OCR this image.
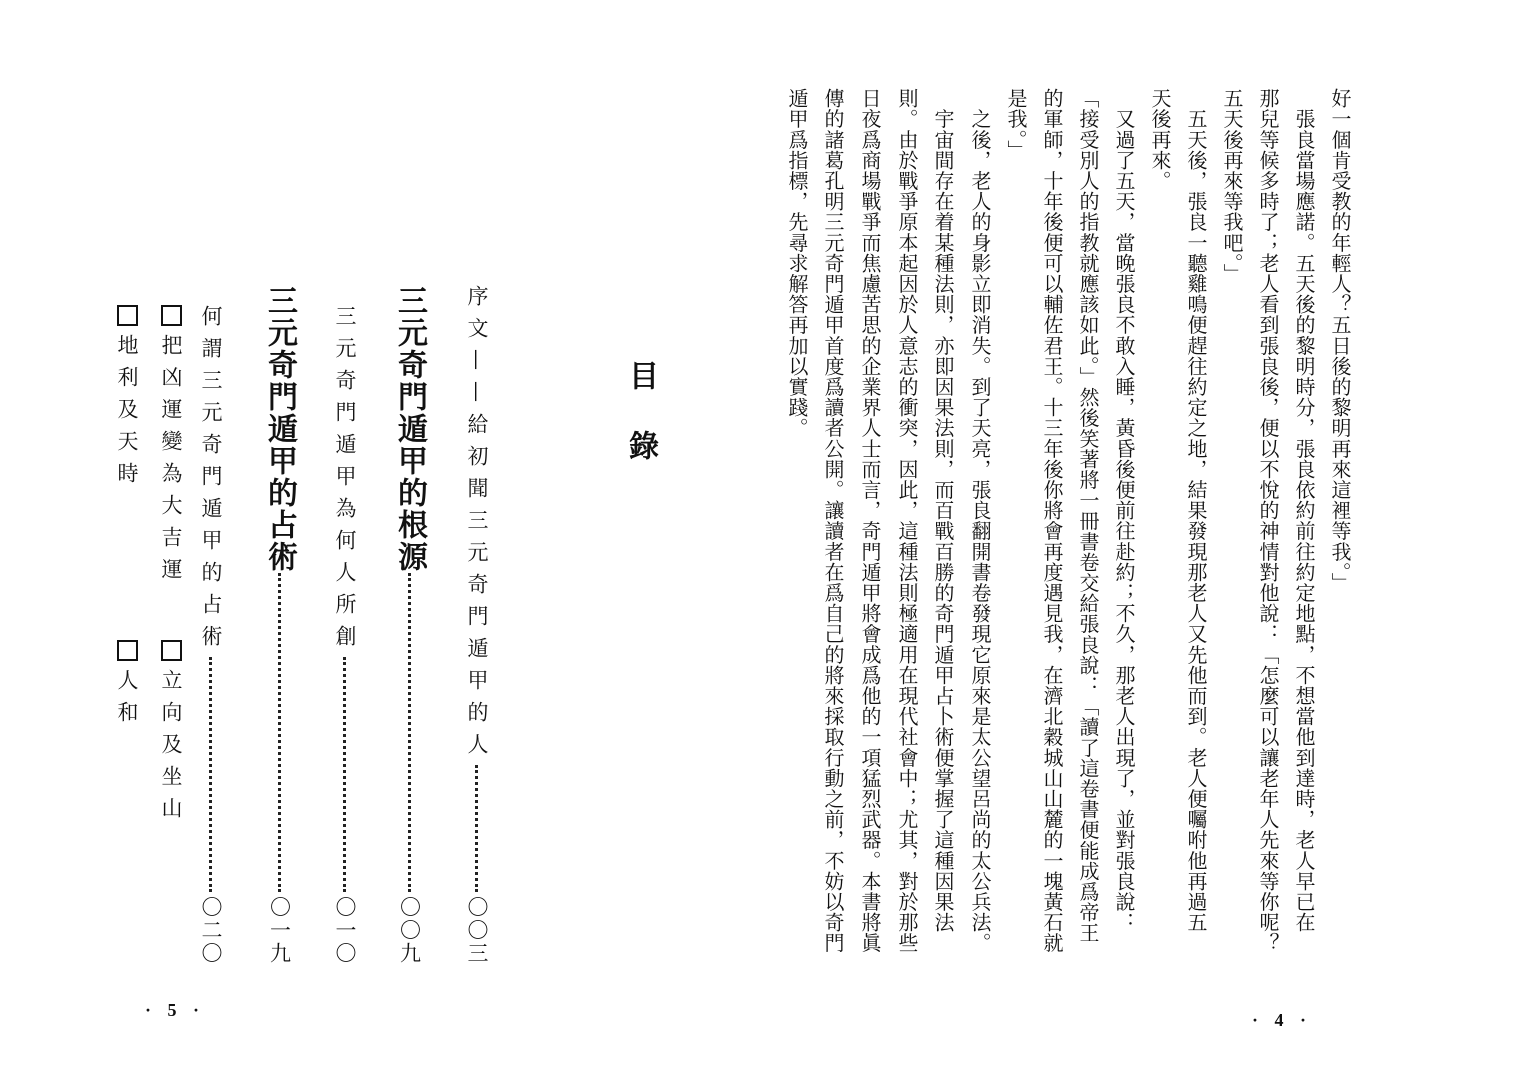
好一個肯受教的年輕人？五日後的黎明再來這裡等我。」
　張良當場應諾。五天後的黎明時分，張良依約前往約定地點，不想當他到達時，老人早已在
那兒等候多時了；老人看到張良後，便以不悅的神情對他說：「怎麼可以讓老年人先來等你呢？
五天後再來等我吧。」
　五天後，張良一聽雞鳴便趕往約定之地，結果發現那老人又先他而到。老人便囑咐他再過五
天後再來。
　又過了五天，當晚張良不敢入睡，黃昏後便前往赴約；不久，那老人出現了，並對張良說：
「接受別人的指教就應該如此。」然後笑著將一冊書卷交給張良說：「讀了這卷書便能成爲帝王
的軍師，十年後便可以輔佐君王。十三年後你將會再度遇見我，在濟北穀城山山麓的一塊黃石就
是我。」
　之後，老人的身影立即消失。到了天亮，張良翻開書卷發現它原來是太公望呂尚的太公兵法。
　宇宙間存在着某種法則，亦即因果法則，而百戰百勝的奇門遁甲占卜術便掌握了這種因果法
則。由於戰爭原本起因於人意志的衝突，因此，這種法則極適用在現代社會中；尤其，對於那些
日夜爲商場戰爭而焦慮苦思的企業界人士而言，奇門遁甲將會成爲他的一項猛烈武器。本書將眞
傳的諸葛孔明三元奇門遁甲首度爲讀者公開。讓讀者在爲自己的將來採取行動之前，不妨以奇門
遁甲爲指標，先尋求解答再加以實踐。
· 4 ·
目
錄
序文——給初聞三元奇門遁甲的人
〇〇三
三元奇門遁甲的根源
〇〇九
三元奇門遁甲為何人所創
〇一〇
三元奇門遁甲的占術
〇一九
何謂三元奇門遁甲的占術
〇二〇
把凶運變為大吉運
立向及坐山
地利及天時
人和
· 5 ·
